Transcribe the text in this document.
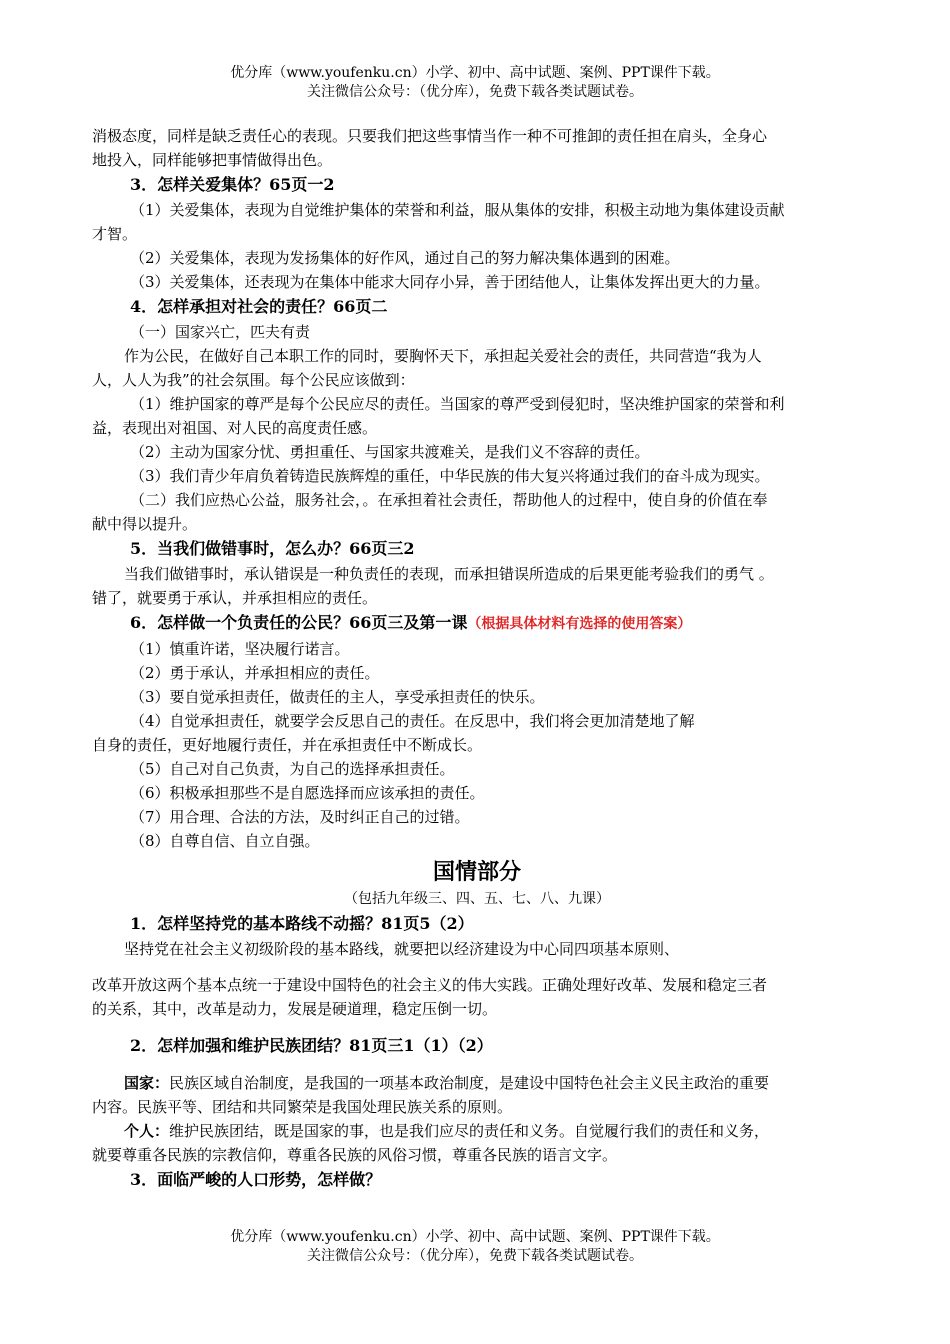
优分库（www.youfenku.cn）小学、初中、高中试题、案例、PPT课件下载。
关注微信公众号：（优分库），免费下载各类试题试卷。

消极态度，同样是缺乏责任心的表现。只要我们把这些事情当作一种不可推卸的责任担在肩头，全身心

地投入，同样能够把事情做得出色。

3．怎样关爱集体？65页一2

（1）关爱集体，表现为自觉维护集体的荣誉和利益，服从集体的安排，积极主动地为集体建设贡献

才智。

（2）关爱集体，表现为发扬集体的好作风，通过自己的努力解决集体遇到的困难。

（3）关爱集体，还表现为在集体中能求大同存小异，善于团结他人，让集体发挥出更大的力量。

4．怎样承担对社会的责任？66页二

（一）国家兴亡，匹夫有责

作为公民，在做好自己本职工作的同时，要胸怀天下，承担起关爱社会的责任，共同营造“我为人

人，人人为我”的社会氛围。每个公民应该做到：

（1）维护国家的尊严是每个公民应尽的责任。当国家的尊严受到侵犯时，坚决维护国家的荣誉和利

益，表现出对祖国、对人民的高度责任感。

（2）主动为国家分忧、勇担重任、与国家共渡难关，是我们义不容辞的责任。

（3）我们青少年肩负着铸造民族辉煌的重任，中华民族的伟大复兴将通过我们的奋斗成为现实。

（二）我们应热心公益，服务社会，。在承担着社会责任，帮助他人的过程中，使自身的价值在奉

献中得以提升。

5．当我们做错事时，怎么办？66页三2

当我们做错事时，承认错误是一种负责任的表现，而承担错误所造成的后果更能考验我们的勇气 。

错了，就要勇于承认，并承担相应的责任。

6．怎样做一个负责任的公民？66页三及第一课（根据具体材料有选择的使用答案）

（1）慎重许诺，坚决履行诺言。

（2）勇于承认，并承担相应的责任。

（3）要自觉承担责任，做责任的主人，享受承担责任的快乐。

（4）自觉承担责任，就要学会反思自己的责任。在反思中，我们将会更加清楚地了解

自身的责任，更好地履行责任，并在承担责任中不断成长。

（5）自己对自己负责，为自己的选择承担责任。

（6）积极承担那些不是自愿选择而应该承担的责任。

（7）用合理、合法的方法，及时纠正自己的过错。

（8）自尊自信、自立自强。

国情部分

（包括九年级三、四、五、七、八、九课）

1．怎样坚持党的基本路线不动摇？81页5（2）

坚持党在社会主义初级阶段的基本路线，就要把以经济建设为中心同四项基本原则、

改革开放这两个基本点统一于建设中国特色的社会主义的伟大实践。正确处理好改革、发展和稳定三者

的关系，其中，改革是动力，发展是硬道理，稳定压倒一切。

2．怎样加强和维护民族团结？81页三1（1）（2）

国家：民族区域自治制度，是我国的一项基本政治制度，是建设中国特色社会主义民主政治的重要

内容。民族平等、团结和共同繁荣是我国处理民族关系的原则。

个人：维护民族团结，既是国家的事，也是我们应尽的责任和义务。自觉履行我们的责任和义务，

就要尊重各民族的宗教信仰，尊重各民族的风俗习惯，尊重各民族的语言文字。

3．面临严峻的人口形势，怎样做？

优分库（www.youfenku.cn）小学、初中、高中试题、案例、PPT课件下载。
关注微信公众号：（优分库），免费下载各类试题试卷。
